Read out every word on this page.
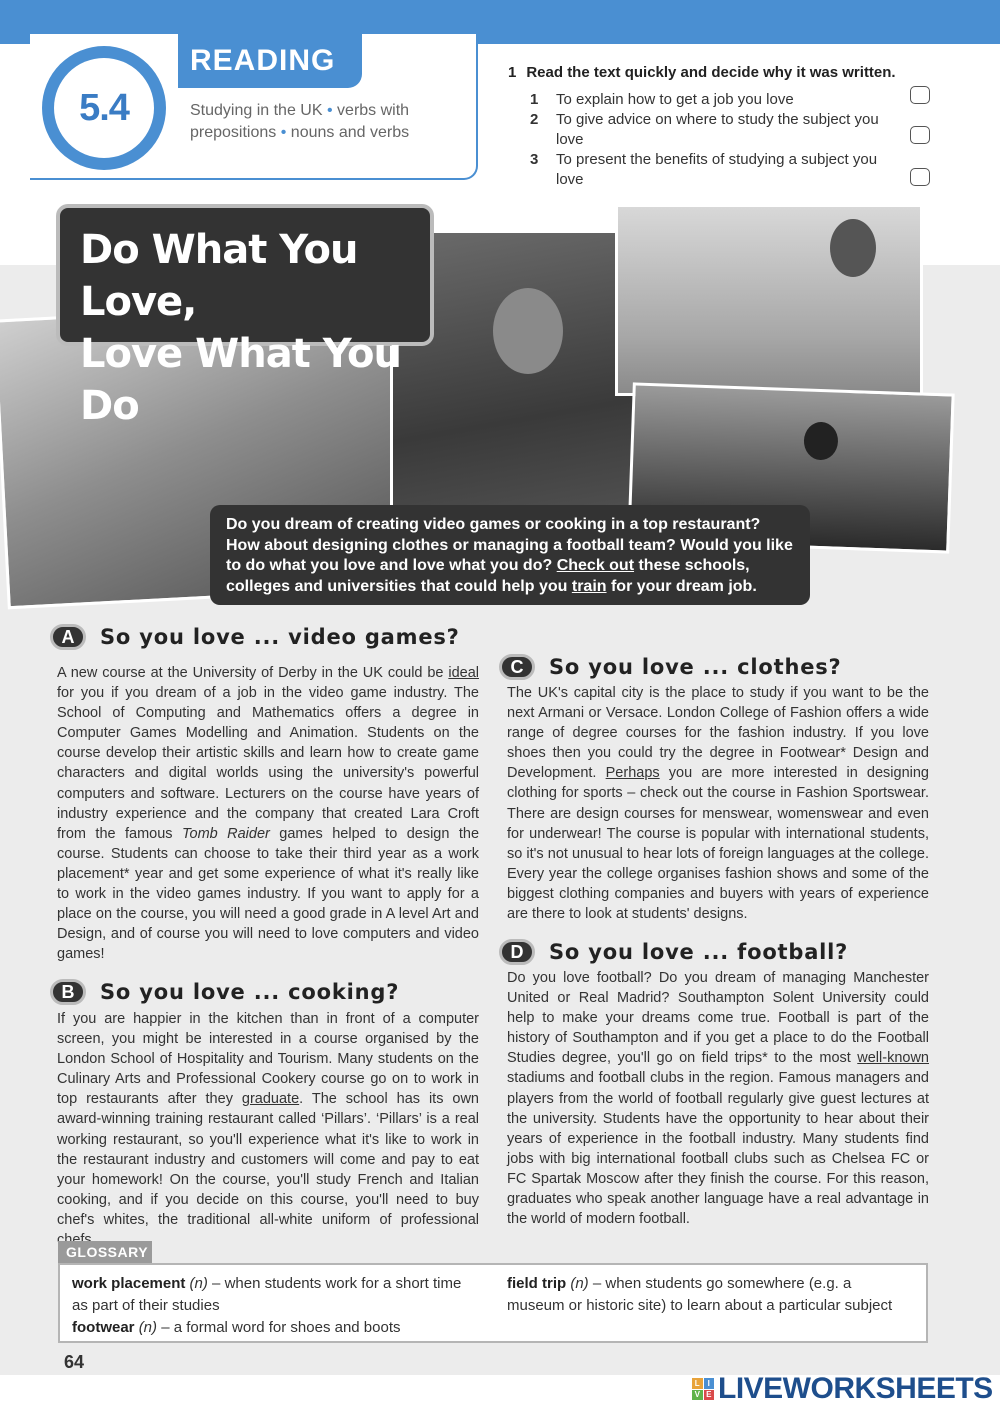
5.4
READING
Studying in the UK • verbs with prepositions • nouns and verbs
1 Read the text quickly and decide why it was written.
1 To explain how to get a job you love
2 To give advice on where to study the subject you love
3 To present the benefits of studying a subject you love
Do What You Love,
Love What You Do
Do you dream of creating video games or cooking in a top restaurant? How about designing clothes or managing a football team? Would you like to do what you love and love what you do? Check out these schools, colleges and universities that could help you train for your dream job.
A	So you love ... video games?
A new course at the University of Derby in the UK could be ideal for you if you dream of a job in the video game industry. The School of Computing and Mathematics offers a degree in Computer Games Modelling and Animation. Students on the course develop their artistic skills and learn how to create game characters and digital worlds using the university's powerful computers and software. Lecturers on the course have years of industry experience and the company that created Lara Croft from the famous Tomb Raider games helped to design the course. Students can choose to take their third year as a work placement* year and get some experience of what it's really like to work in the video games industry. If you want to apply for a place on the course, you will need a good grade in A level Art and Design, and of course you will need to love computers and video games!
B	So you love ... cooking?
If you are happier in the kitchen than in front of a computer screen, you might be interested in a course organised by the London School of Hospitality and Tourism. Many students on the Culinary Arts and Professional Cookery course go on to work in top restaurants after they graduate. The school has its own award-winning training restaurant called ‘Pillars’. ‘Pillars’ is a real working restaurant, so you'll experience what it's like to work in the restaurant industry and customers will come and pay to eat your homework! On the course, you'll study French and Italian cooking, and if you decide on this course, you'll need to buy chef's whites, the traditional all-white uniform of professional
C	So you love ... clothes?
The UK's capital city is the place to study if you want to be the next Armani or Versace. London College of Fashion offers a wide range of degree courses for the fashion industry. If you love shoes then you could try the degree in Footwear* Design and Development. Perhaps you are more interested in designing clothing for sports – check out the course in Fashion Sportswear. There are design courses for menswear, womenswear and even for underwear! The course is popular with international students, so it's not unusual to hear lots of foreign languages at the college. Every year the college organises fashion shows and some of the biggest clothing companies and buyers with years of experience are there to look at students' designs.
D	So you love ... football?
Do you love football? Do you dream of managing Manchester United or Real Madrid? Southampton Solent University could help to make your dreams come true. Football is part of the history of Southampton and if you get a place to do the Football Studies degree, you'll go on field trips* to the most well-known stadiums and football clubs in the region. Famous managers and players from the world of football regularly give guest lectures at the university. Students have the opportunity to hear about their years of experience in the football industry. Many students find jobs with big international football clubs such as Chelsea FC or FC Spartak Moscow after they finish the course. For this reason, graduates who speak another language have a real advantage in the world of modern football.
GLOSSARY
work placement (n) – when students work for a short time as part of their studies
footwear (n) – a formal word for shoes and boots
field trip (n) – when students go somewhere (e.g. a museum or historic site) to learn about a particular subject
64
L I
V E LIVEWORKSHEETS
